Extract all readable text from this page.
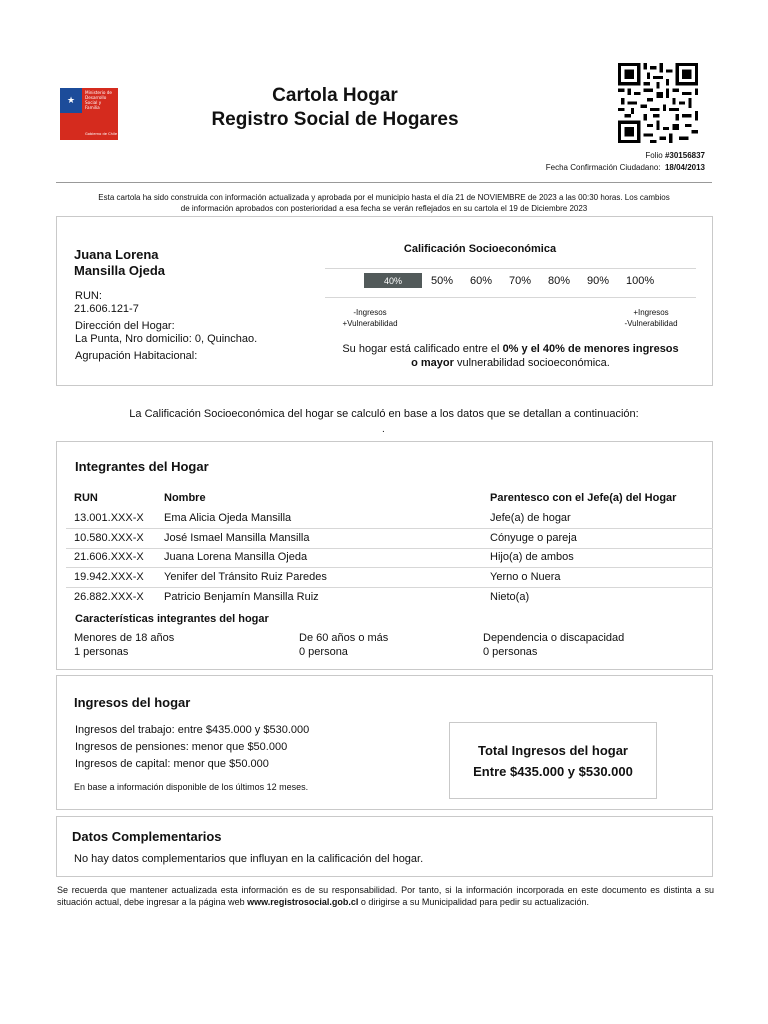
★
Ministerio de Desarrollo Social y Familia
Gobierno de Chile
Cartola Hogar
Registro Social de Hogares
Folio #30156837
Fecha Confirmación Ciudadano: 18/04/2013
Esta cartola ha sido construida con información actualizada y aprobada por el municipio hasta el día 21 de NOVIEMBRE de 2023 a las 00:30 horas. Los cambios
de información aprobados con posterioridad a esa fecha se verán reflejados en su cartola el 19 de Diciembre 2023
Juana Lorena
Mansilla Ojeda
RUN:
21.606.121-7
Dirección del Hogar:
La Punta, Nro domicilio: 0, Quinchao.
Agrupación Habitacional:
Calificación Socioeconómica
40%	50%	60%	70%	80%	90%	100%
-Ingresos
+Vulnerabilidad
+Ingresos
-Vulnerabilidad
Su hogar está calificado entre el 0% y el 40% de menores ingresos
o mayor vulnerabilidad socioeconómica.
La Calificación Socioeconómica del hogar se calculó en base a los datos que se detallan a continuación:
.
Integrantes del Hogar
RUN	Nombre	Parentesco con el Jefe(a) del Hogar
13.001.XXX-X Ema Alicia Ojeda Mansilla	Jefe(a) de hogar
10.580.XXX-X José Ismael Mansilla Mansilla	Cónyuge o pareja
21.606.XXX-X Juana Lorena Mansilla Ojeda	Hijo(a) de ambos
19.942.XXX-X Yenifer del Tránsito Ruiz Paredes	Yerno o Nuera
26.882.XXX-X Patricio Benjamín Mansilla Ruiz	Nieto(a)
Características integrantes del hogar
Menores de 18 años
1 personas
De 60 años o más
0 persona
Dependencia o discapacidad
0 personas
Ingresos del hogar
Ingresos del trabajo: entre $435.000 y $530.000
Ingresos de pensiones: menor que $50.000
Ingresos de capital: menor que $50.000
En base a información disponible de los últimos 12 meses.
Total Ingresos del hogar
Entre $435.000 y $530.000
Datos Complementarios
No hay datos complementarios que influyan en la calificación del hogar.
Se recuerda que mantener actualizada esta información es de su responsabilidad. Por tanto, si la información incorporada en este documento es distinta a su situación actual, debe ingresar a la página web www.registrosocial.gob.cl o dirigirse a su Municipalidad para pedir su actualización.
